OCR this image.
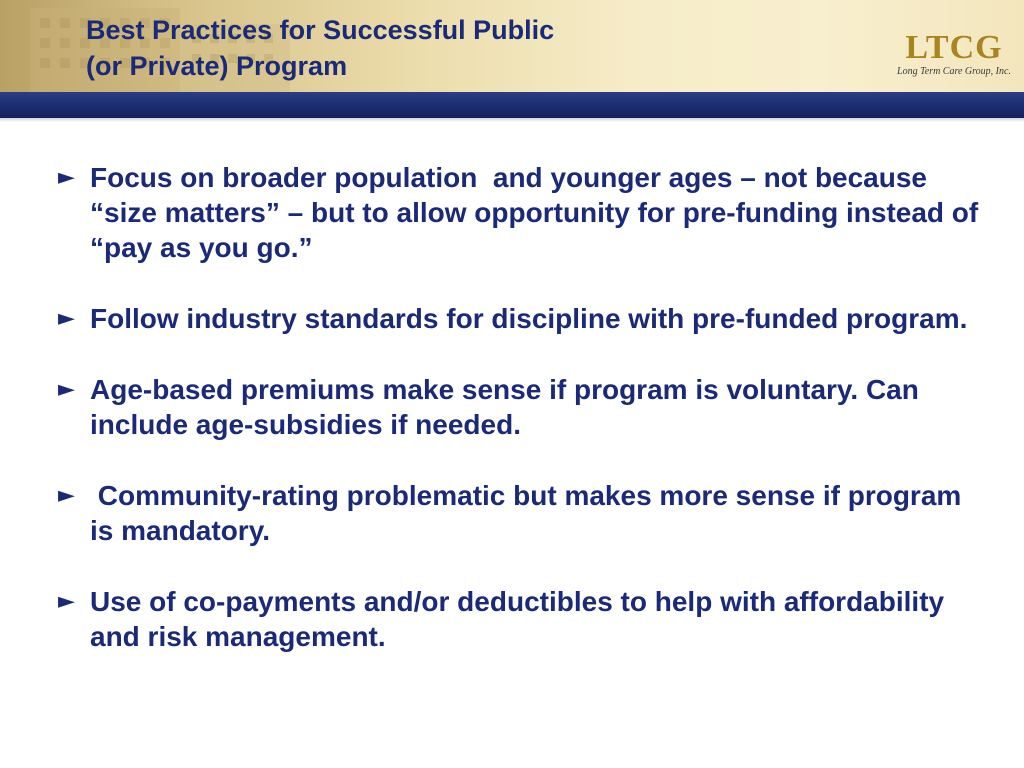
Best Practices for Successful Public
(or Private) Program	LTCG
Long Term Care Group, Inc.
► Focus on broader population  and younger ages – not because “size matters” – but to allow opportunity for pre-funding instead of “pay as you go.”
► Follow industry standards for discipline with pre-funded program.
► Age-based premiums make sense if program is voluntary. Can include age-subsidies if needed.
► Community-rating problematic but makes more sense if program is mandatory.
► Use of co-payments and/or deductibles to help with affordability and risk management.
